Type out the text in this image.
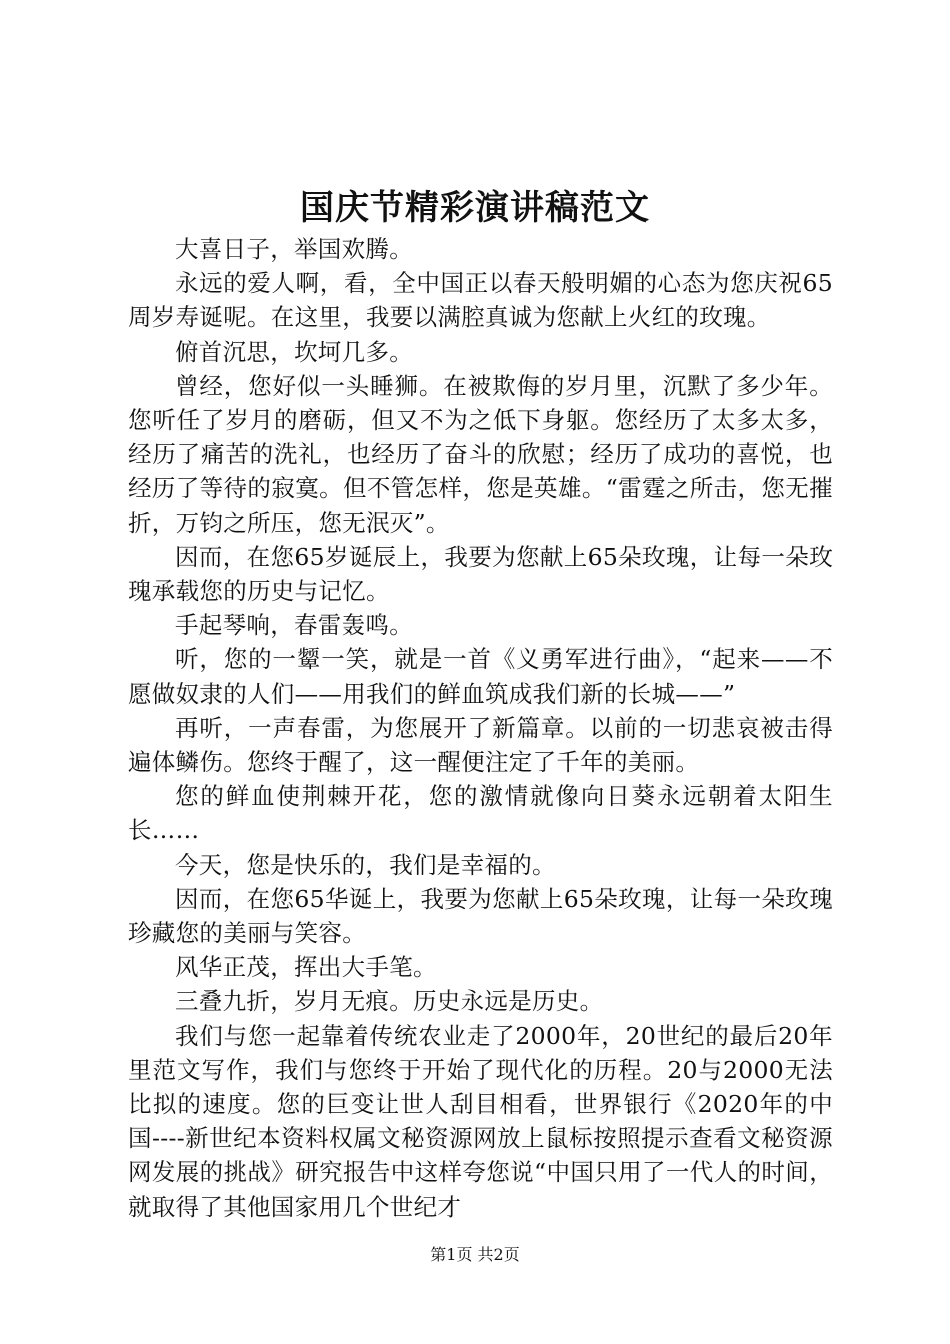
国庆节精彩演讲稿范文

大喜日子，举国欢腾。

永远的爱人啊，看，全中国正以春天般明媚的心态为您庆祝65周岁寿诞呢。在这里，我要以满腔真诚为您献上火红的玫瑰。

俯首沉思，坎坷几多。

曾经，您好似一头睡狮。在被欺侮的岁月里，沉默了多少年。您听任了岁月的磨砺，但又不为之低下身躯。您经历了太多太多，经历了痛苦的洗礼，也经历了奋斗的欣慰；经历了成功的喜悦，也经历了等待的寂寞。但不管怎样，您是英雄。“雷霆之所击，您无摧折，万钧之所压，您无泯灭”。

因而，在您65岁诞辰上，我要为您献上65朵玫瑰，让每一朵玫瑰承载您的历史与记忆。

手起琴响，春雷轰鸣。

听，您的一颦一笑，就是一首《义勇军进行曲》，“起来——不愿做奴隶的人们——用我们的鲜血筑成我们新的长城——”

再听，一声春雷，为您展开了新篇章。以前的一切悲哀被击得遍体鳞伤。您终于醒了，这一醒便注定了千年的美丽。

您的鲜血使荆棘开花，您的激情就像向日葵永远朝着太阳生长……

今天，您是快乐的，我们是幸福的。

因而，在您65华诞上，我要为您献上65朵玫瑰，让每一朵玫瑰珍藏您的美丽与笑容。

风华正茂，挥出大手笔。

三叠九折，岁月无痕。历史永远是历史。

我们与您一起靠着传统农业走了2000年，20世纪的最后20年里范文写作，我们与您终于开始了现代化的历程。20与2000无法比拟的速度。您的巨变让世人刮目相看，世界银行《2020年的中国----新世纪本资料权属文秘资源网放上鼠标按照提示查看文秘资源网发展的挑战》研究报告中这样夸您说“中国只用了一代人的时间，就取得了其他国家用几个世纪才

第1页 共2页
